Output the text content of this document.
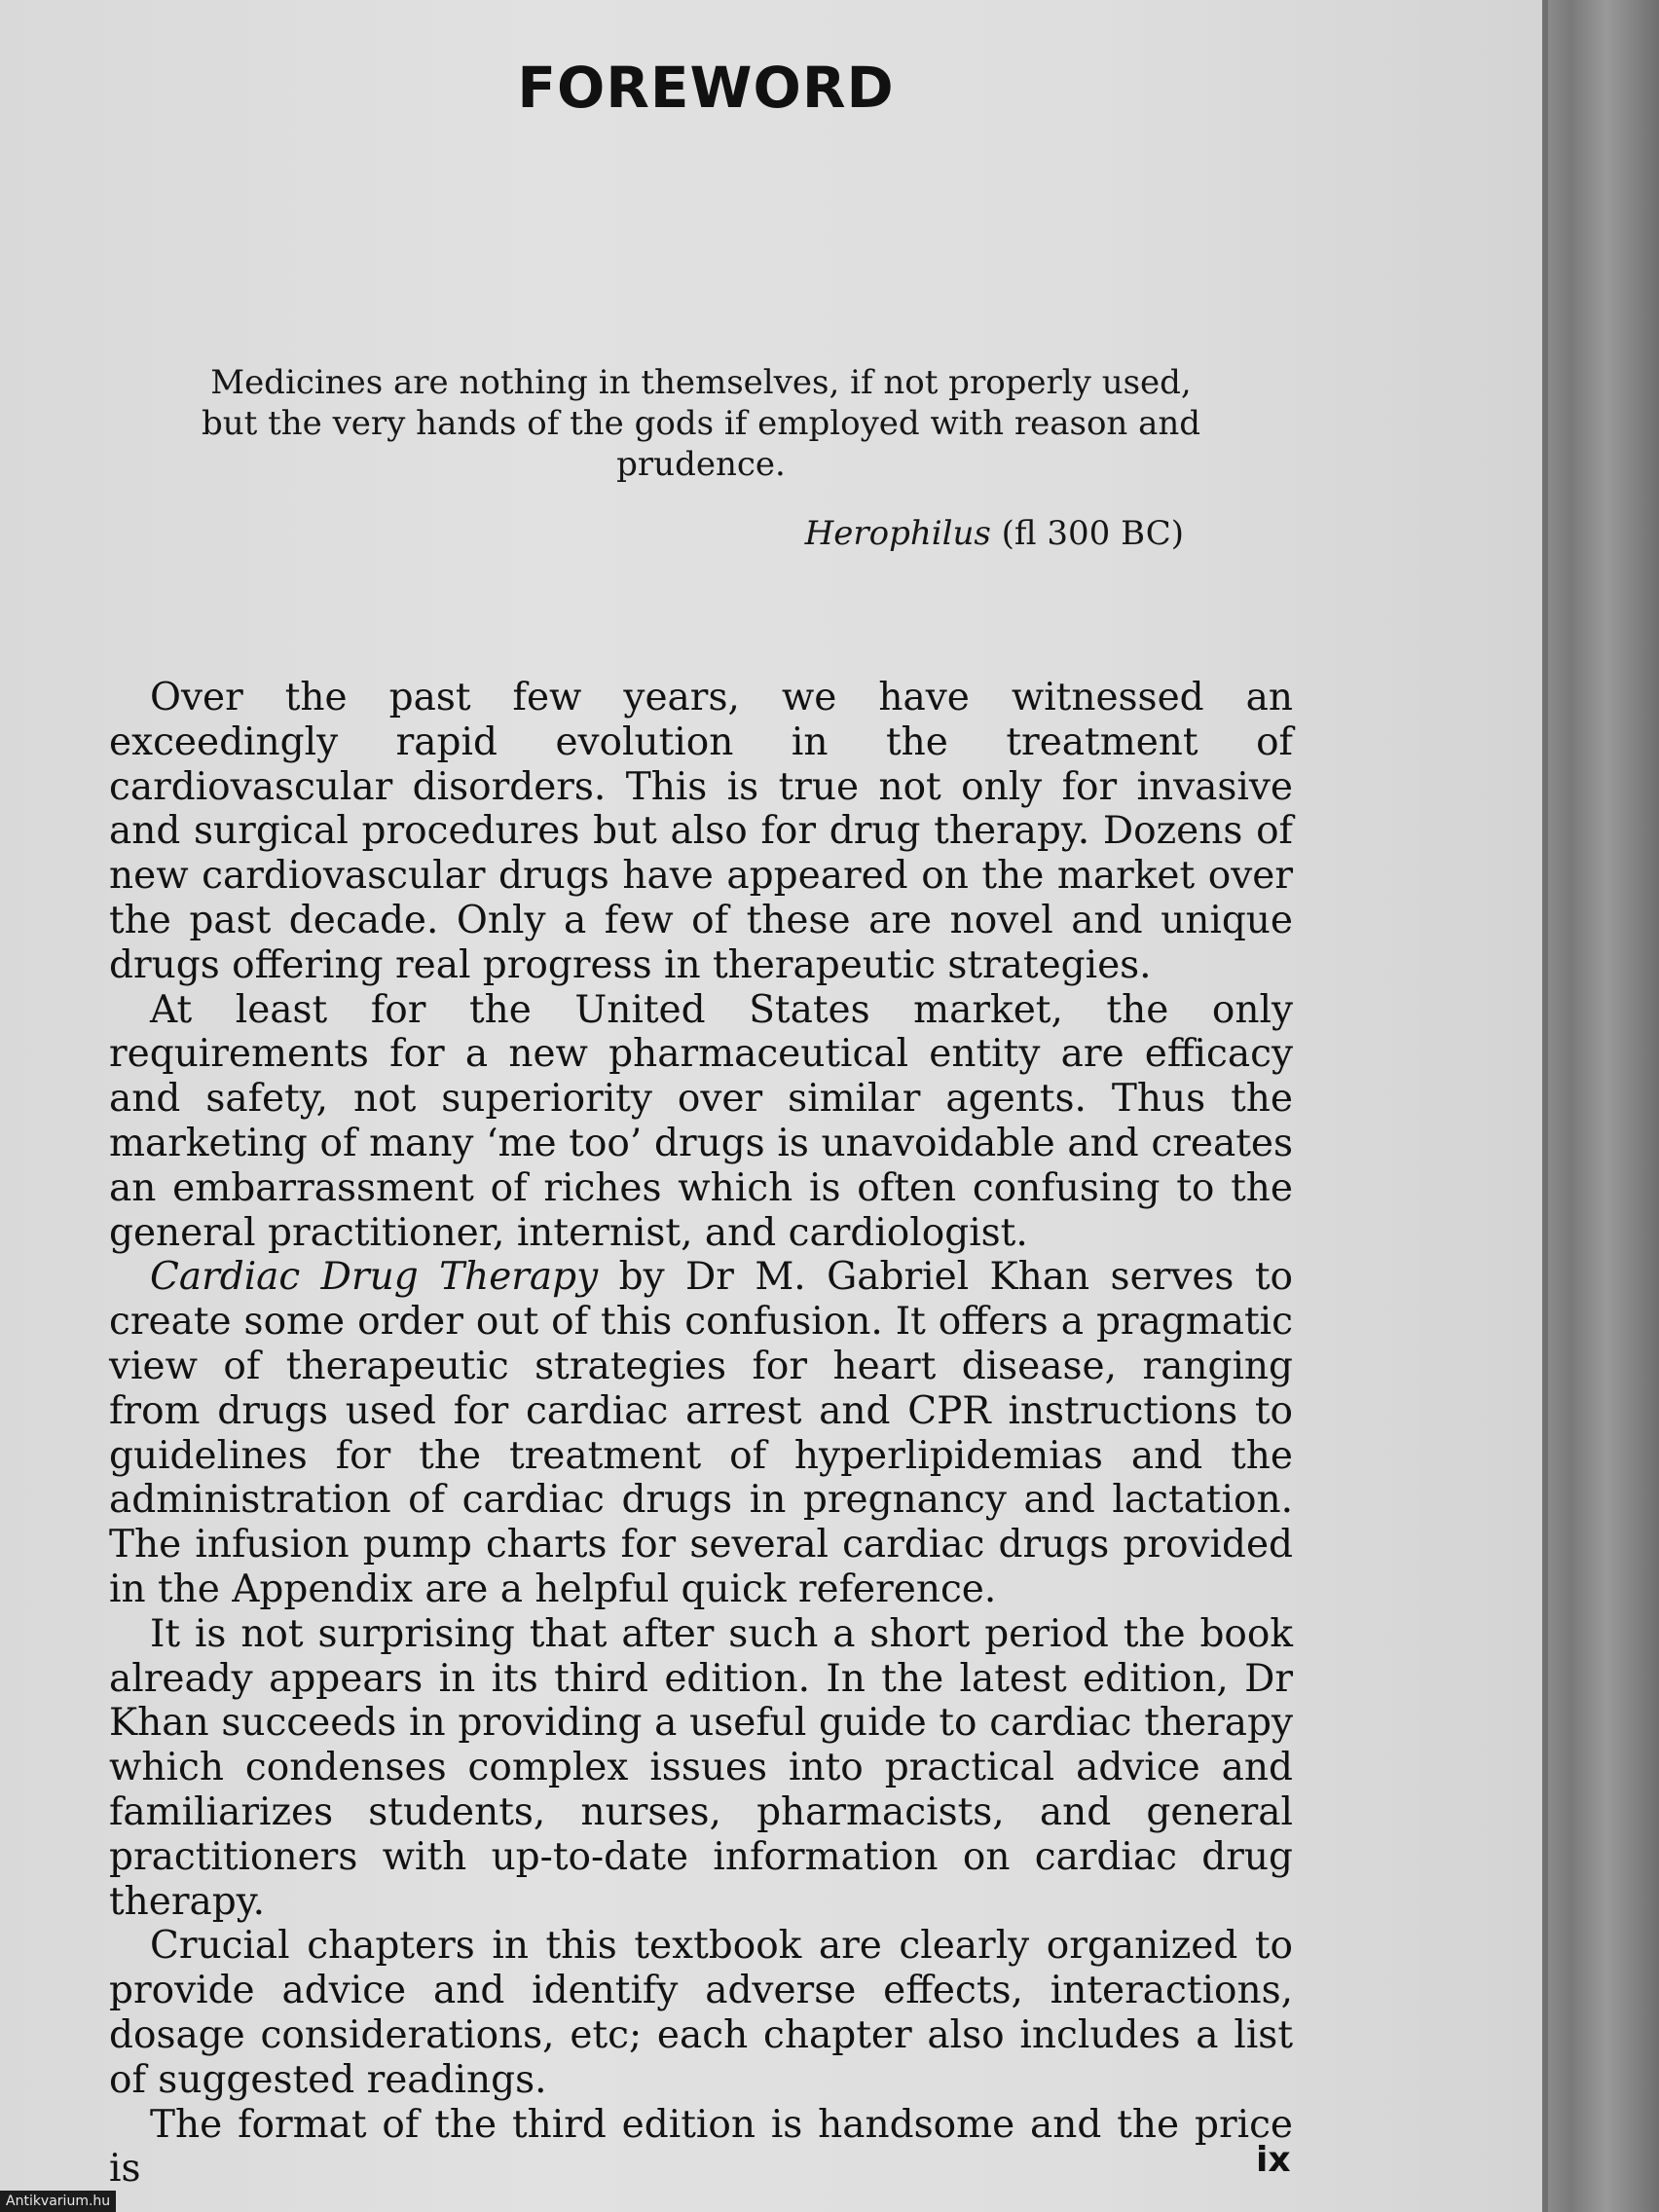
FOREWORD
Medicines are nothing in themselves, if not properly used, but the very hands of the gods if employed with reason and prudence.
Herophilus (fl 300 BC)

Over the past few years, we have witnessed an exceedingly rapid evolution in the treatment of cardiovascular disorders. This is true not only for invasive and surgical procedures but also for drug therapy. Dozens of new cardiovascular drugs have appeared on the market over the past decade. Only a few of these are novel and unique drugs offering real progress in therapeutic strategies.

At least for the United States market, the only requirements for a new pharmaceutical entity are efficacy and safety, not superiority over similar agents. Thus the marketing of many ‘me too’ drugs is unavoidable and creates an embarrassment of riches which is often confusing to the general practitioner, internist, and cardiologist.

Cardiac Drug Therapy by Dr M. Gabriel Khan serves to create some order out of this confusion. It offers a pragmatic view of therapeutic strategies for heart disease, ranging from drugs used for cardiac arrest and CPR instructions to guidelines for the treatment of hyperlipidemias and the administration of cardiac drugs in pregnancy and lactation. The infusion pump charts for several cardiac drugs provided in the Appendix are a helpful quick reference.

It is not surprising that after such a short period the book already appears in its third edition. In the latest edition, Dr Khan succeeds in providing a useful guide to cardiac therapy which condenses complex issues into practical advice and familiarizes students, nurses, pharmacists, and general practitioners with up-to-date information on cardiac drug therapy.

Crucial chapters in this textbook are clearly organized to provide advice and identify adverse effects, interactions, dosage considerations, etc; each chapter also includes a list of suggested readings.

The format of the third edition is handsome and the price is	ix
Antikvarium.hu
